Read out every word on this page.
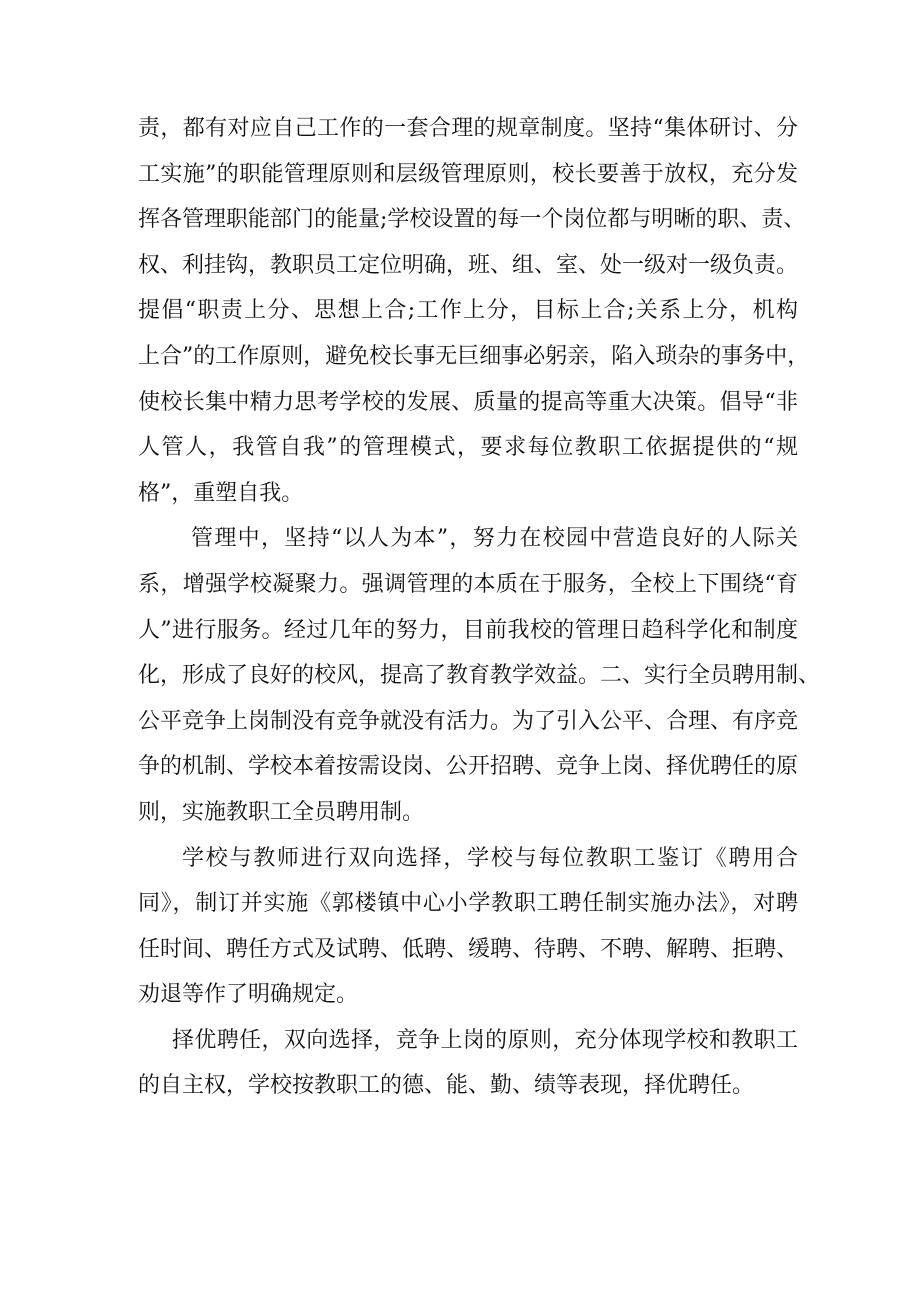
责，都有对应自己工作的一套合理的规章制度。坚持“集体研讨、分
工实施”的职能管理原则和层级管理原则，校长要善于放权，充分发
挥各管理职能部门的能量;学校设置的每一个岗位都与明晰的职、责、
权、利挂钩，教职员工定位明确，班、组、室、处一级对一级负责。
提倡“职责上分、思想上合;工作上分，目标上合;关系上分，机构
上合”的工作原则，避免校长事无巨细事必躬亲，陷入琐杂的事务中，
使校长集中精力思考学校的发展、质量的提高等重大决策。倡导“非
人管人，我管自我”的管理模式，要求每位教职工依据提供的“规
格”，重塑自我。
管理中，坚持“以人为本”，努力在校园中营造良好的人际关
系，增强学校凝聚力。强调管理的本质在于服务，全校上下围绕“育
人”进行服务。经过几年的努力，目前我校的管理日趋科学化和制度
化，形成了良好的校风，提高了教育教学效益。二、实行全员聘用制、
公平竞争上岗制没有竞争就没有活力。为了引入公平、合理、有序竞
争的机制、学校本着按需设岗、公开招聘、竞争上岗、择优聘任的原
则，实施教职工全员聘用制。
学校与教师进行双向选择，学校与每位教职工鉴订《聘用合
同》，制订并实施《郭楼镇中心小学教职工聘任制实施办法》，对聘
任时间、聘任方式及试聘、低聘、缓聘、待聘、不聘、解聘、拒聘、
劝退等作了明确规定。
择优聘任，双向选择，竞争上岗的原则，充分体现学校和教职工
的自主权，学校按教职工的德、能、勤、绩等表现，择优聘任。
